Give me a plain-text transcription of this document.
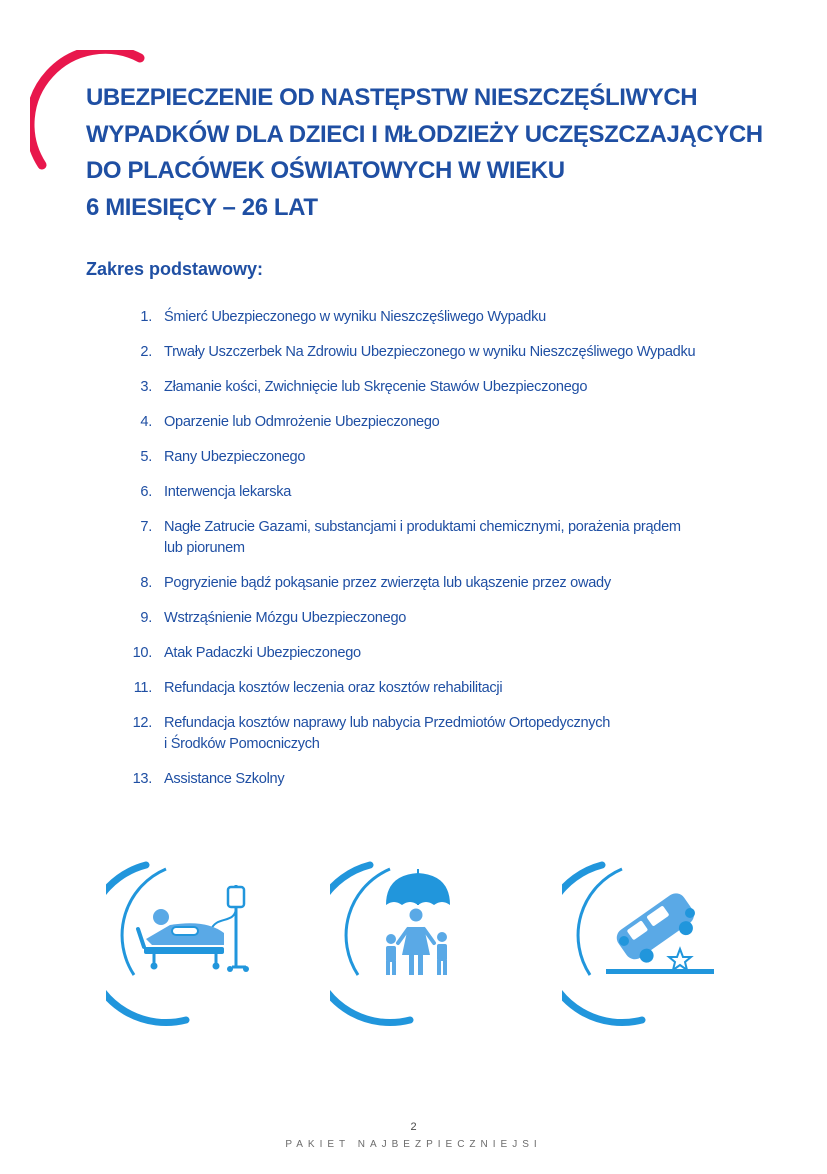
UBEZPIECZENIE OD NASTĘPSTW NIESZCZĘŚLIWYCH
WYPADKÓW DLA DZIECI I MŁODZIEŻY UCZĘSZCZAJĄCYCH
DO PLACÓWEK OŚWIATOWYCH W WIEKU
6 MIESIĘCY – 26 LAT
Zakres podstawowy:
1. Śmierć Ubezpieczonego w wyniku Nieszczęśliwego Wypadku
2. Trwały Uszczerbek Na Zdrowiu Ubezpieczonego w wyniku Nieszczęśliwego Wypadku
3. Złamanie kości, Zwichnięcie lub Skręcenie Stawów Ubezpieczonego
4. Oparzenie lub Odmrożenie Ubezpieczonego
5. Rany Ubezpieczonego
6. Interwencja lekarska
7. Nagłe Zatrucie Gazami, substancjami i produktami chemicznymi, porażenia prądem
lub piorunem
8. Pogryzienie bądź pokąsanie przez zwierzęta lub ukąszenie przez owady
9. Wstrząśnienie Mózgu Ubezpieczonego
10. Atak Padaczki Ubezpieczonego
11. Refundacja kosztów leczenia oraz kosztów rehabilitacji
12. Refundacja kosztów naprawy lub nabycia Przedmiotów Ortopedycznych
i Środków Pomocniczych
13. Assistance Szkolny
2
PAKIET NAJBEZPIECZNIEJSI
